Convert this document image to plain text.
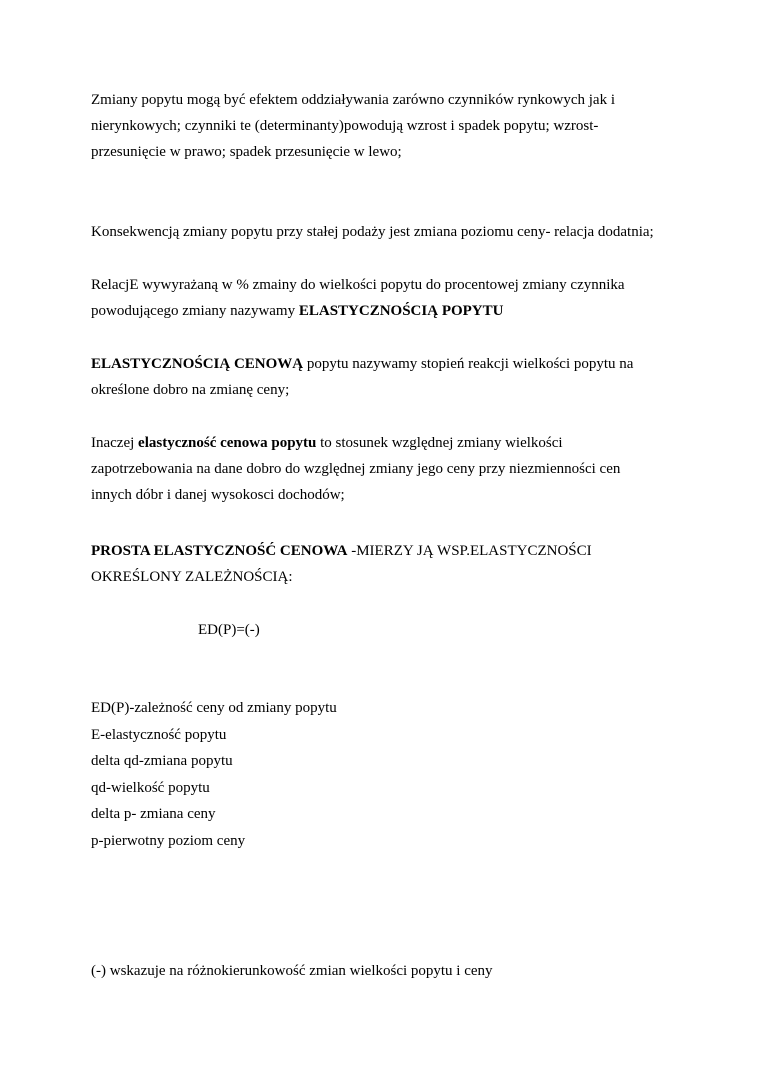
Zmiany popytu mogą być efektem oddziaływania zarówno czynników rynkowych jak i
nierynkowych; czynniki te (determinanty)powodują wzrost i spadek popytu; wzrost-
przesunięcie w prawo; spadek przesunięcie w lewo;

Konsekwencją zmiany popytu przy stałej podaży jest zmiana poziomu ceny- relacja dodatnia;

RelacjE wywyrażaną w % zmainy do wielkości popytu do procentowej zmiany czynnika
powodującego zmiany nazywamy ELASTYCZNOŚCIĄ POPYTU

ELASTYCZNOŚCIĄ CENOWĄ popytu nazywamy stopień reakcji wielkości popytu na
określone dobro na zmianę ceny;

Inaczej elastyczność cenowa popytu to stosunek względnej zmiany wielkości
zapotrzebowania na dane dobro do względnej zmiany jego ceny przy niezmienności cen
innych dóbr i danej wysokosci dochodów;

PROSTA ELASTYCZNOŚĆ CENOWA -MIERZY JĄ WSP.ELASTYCZNOŚCI
OKREŚLONY ZALEŻNOŚCIĄ:

ED(P)=(-)
ED(P)-zależność ceny od zmiany popytu
E-elastyczność popytu
delta qd-zmiana popytu
qd-wielkość popytu
delta p- zmiana ceny
p-pierwotny poziom ceny

(-) wskazuje na różnokierunkowość zmian wielkości popytu i ceny
